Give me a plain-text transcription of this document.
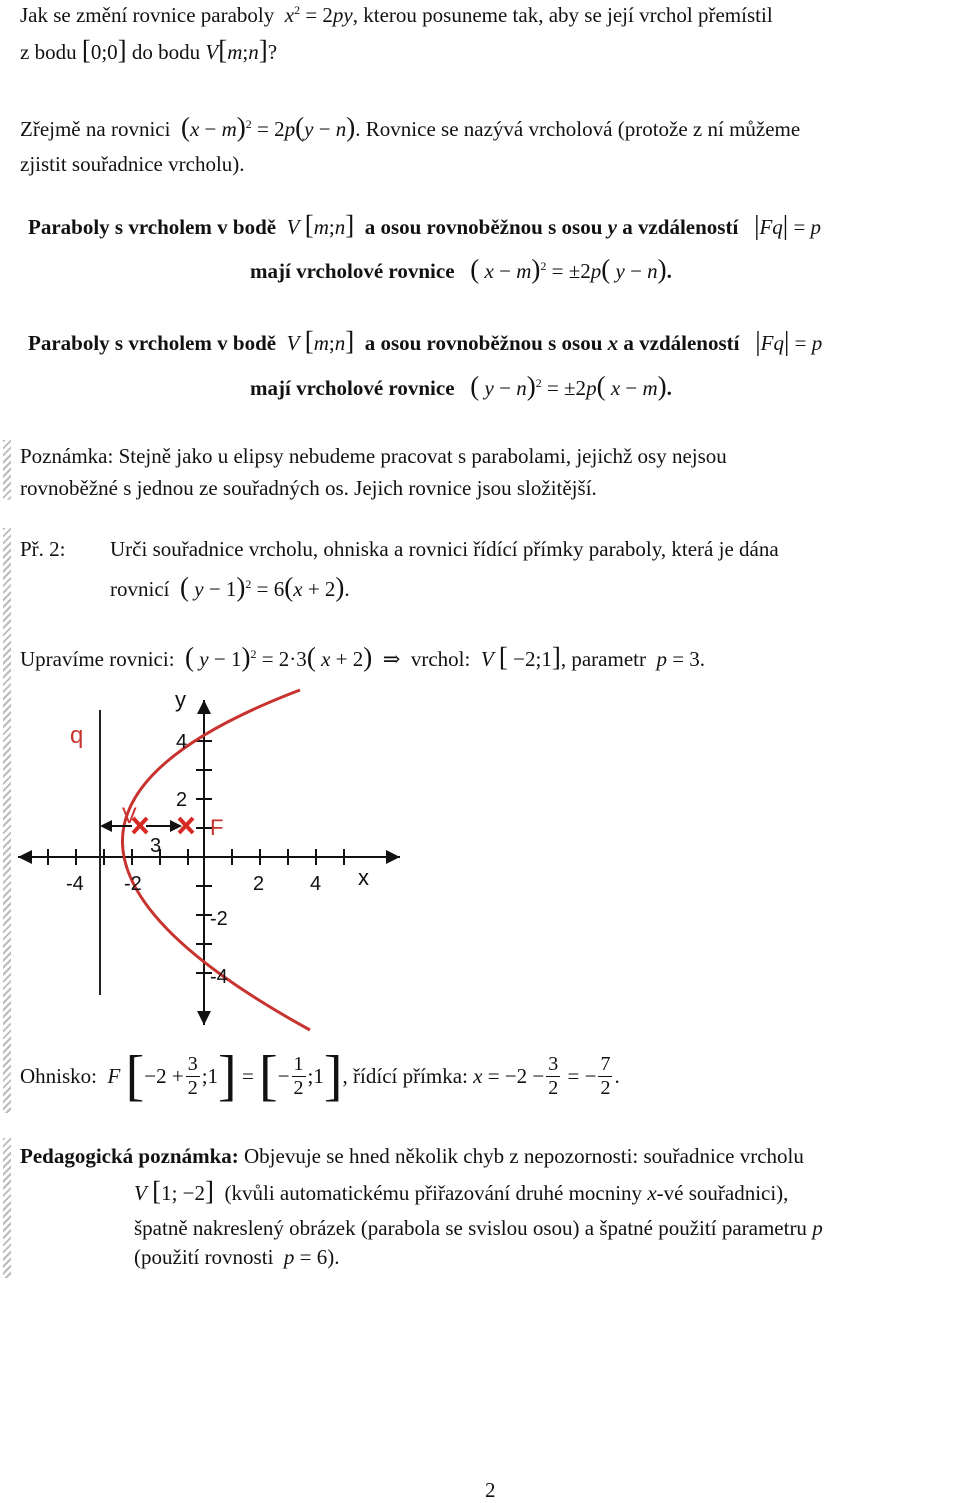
Jak se změní rovnice paraboly $x^2 = 2py$, kterou posuneme tak, aby se její vrchol přemístil
z bodu [0;0] do bodu V[m;n]?
Zřejmě na rovnici $(x - m)^2 = 2p(y - n)$. Rovnice se nazývá vrcholová (protože z ní můžeme
zjistit souřadnice vrcholu).
Paraboly s vrcholem v bodě V [m;n] a osou rovnoběžnou s osou y a vzdáleností |Fq| = p
mají vrcholové rovnice ( x − m)$^2$ = ±2p( y − n).
Paraboly s vrcholem v bodě V [m;n] a osou rovnoběžnou s osou x a vzdáleností |Fq| = p
mají vrcholové rovnice ( y − n)$^2$ = ±2p( x − m).
Poznámka: Stejně jako u elipsy nebudeme pracovat s parabolami, jejichž osy nejsou
rovnoběžné s jednou ze souřadných os. Jejich rovnice jsou složitější.
Př. 2: Urči souřadnice vrcholu, ohniska a rovnici řídící přímky paraboly, která je dána
rovnicí ( y − 1)$^2$ = 6(x + 2).
Upravíme rovnici: ( y − 1)$^2$ = 2·3( x + 2)  ⇒  vrchol: V [ −2;1], parametr p = 3.
y
x
q
V	F
3
-4 -2	2 4
4
2
-2
-4
Ohnisko:
F
[ $-2 + \frac{3}{2}$ ;1 ] = [ − $\frac{1}{2}$ ;1 ] , řídící přímka:
$x = -2 - \frac{3}{2}$ = − $\frac{7}{2}$ .
Pedagogická poznámka: Objevuje se hned několik chyb z nepozornosti: souřadnice vrcholu
V [1; −2] (kvůli automatickému přiřazování druhé mocniny x-vé souřadnici),
špatně nakreslený obrázek (parabola se svislou osou) a špatné použití parametru p
(použití rovnosti p = 6).
2
